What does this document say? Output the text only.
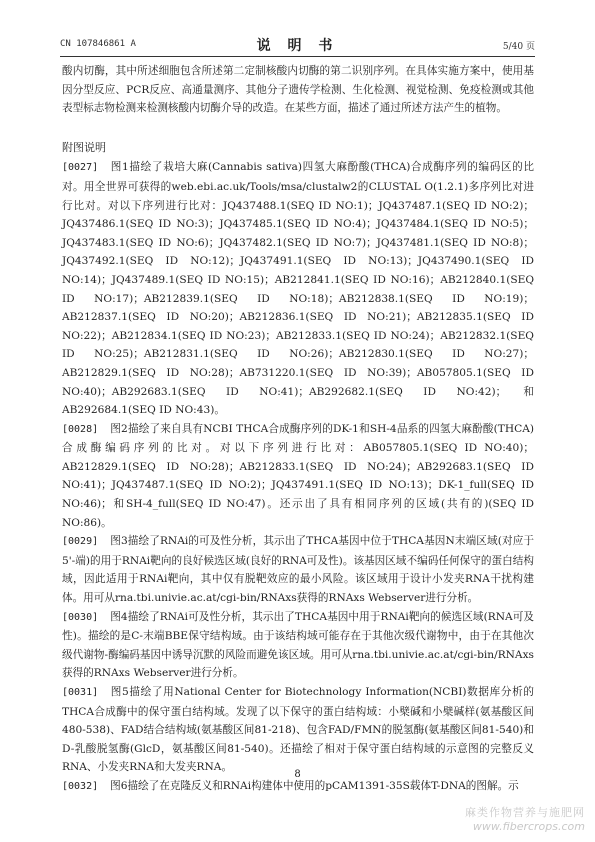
CN 107846861 A	说 明 书	5/40 页

酸内切酶，其中所述细胞包含所述第二定制核酸内切酶的第二识别序列。在具体实施方案中，使用基因分型反应、PCR反应、高通量测序、其他分子遗传学检测、生化检测、视觉检测、免疫检测或其他表型标志物检测来检测核酸内切酶介导的改造。在某些方面，描述了通过所述方法产生的植物。

附图说明

[0027] 图1描绘了栽培大麻(Cannabis sativa)四氢大麻酚酸(THCA)合成酶序列的编码区的比对。用全世界可获得的web.ebi.ac.uk/Tools/msa/clustalw2的CLUSTAL O(1.2.1)多序列比对进行比对。对以下序列进行比对：JQ437488.1(SEQ ID NO:1)；JQ437487.1(SEQ ID NO:2)；JQ437486.1(SEQ ID NO:3)；JQ437485.1(SEQ ID NO:4)；JQ437484.1(SEQ ID NO:5)；JQ437483.1(SEQ ID NO:6)；JQ437482.1(SEQ ID NO:7)；JQ437481.1(SEQ ID NO:8)；JQ437492.1(SEQ ID NO:12)；JQ437491.1(SEQ ID NO:13)；JQ437490.1(SEQ ID NO:14)；JQ437489.1(SEQ ID NO:15)；AB212841.1(SEQ ID NO:16)；AB212840.1(SEQ ID NO:17)；AB212839.1(SEQ ID NO:18)；AB212838.1(SEQ ID NO:19)；AB212837.1(SEQ ID NO:20)；AB212836.1(SEQ ID NO:21)；AB212835.1(SEQ ID NO:22)；AB212834.1(SEQ ID NO:23)；AB212833.1(SEQ ID NO:24)；AB212832.1(SEQ ID NO:25)；AB212831.1(SEQ ID NO:26)；AB212830.1(SEQ ID NO:27)；AB212829.1(SEQ ID NO:28)；AB731220.1(SEQ ID NO:39)；AB057805.1(SEQ ID NO:40)；AB292683.1(SEQ ID NO:41)；AB292682.1(SEQ ID NO:42)；和AB292684.1(SEQ ID NO:43)。

[0028] 图2描绘了来自具有NCBI THCA合成酶序列的DK-1和SH-4品系的四氢大麻酚酸(THCA)合成酶编码序列的比对。对以下序列进行比对：AB057805.1(SEQ ID NO:40)；AB212829.1(SEQ ID NO:28)；AB212833.1(SEQ ID NO:24)；AB292683.1(SEQ ID NO:41)；JQ437487.1(SEQ ID NO:2)；JQ437491.1(SEQ ID NO:13)；DK-1_full(SEQ ID NO:46)；和SH-4_full(SEQ ID NO:47)。还示出了具有相同序列的区域(共有的)(SEQ ID NO:86)。

[0029] 图3描绘了RNAi的可及性分析，其示出了THCA基因中位于THCA基因N末端区域(对应于5'-端)的用于RNAi靶向的良好候选区域(良好的RNA可及性)。该基因区域不编码任何保守的蛋白结构域，因此适用于RNAi靶向，其中仅有脱靶效应的最小风险。该区域用于设计小发夹RNA干扰构建体。用可从rna.tbi.univie.ac.at/cgi-bin/RNAxs获得的RNAxs Webserver进行分析。

[0030] 图4描绘了RNAi可及性分析，其示出了THCA基因中用于RNAi靶向的候选区域(RNA可及性)。描绘的是C-末端BBE保守结构域。由于该结构域可能存在于其他次级代谢物中，由于在其他次级代谢物-酶编码基因中诱导沉默的风险而避免该区域。用可从rna.tbi.univie.ac.at/cgi-bin/RNAxs获得的RNAxs Webserver进行分析。

[0031] 图5描绘了用National Center for Biotechnology Information(NCBI)数据库分析的THCA合成酶中的保守蛋白结构域。发现了以下保守的蛋白结构域：小檗碱和小檗碱样(氨基酸区间480-538)、FAD结合结构域(氨基酸区间81-218)、包含FAD/FMN的脱氢酶(氨基酸区间81-540)和D-乳酸脱氢酶(GlcD，氨基酸区间81-540)。还描绘了相对于保守蛋白结构域的示意图的完整反义RNA、小发夹RNA和大发夹RNA。

[0032] 图6描绘了在克隆反义和RNAi构建体中使用的pCAM1391-35S载体T-DNA的图解。示

8
麻类作物营养与施肥网
www.fibercrops.com
